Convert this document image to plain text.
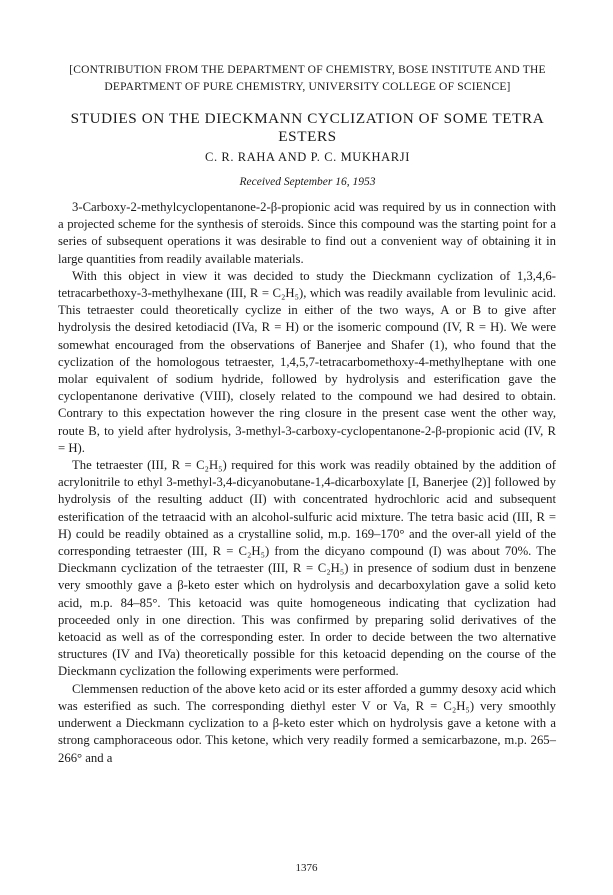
[CONTRIBUTION FROM THE DEPARTMENT OF CHEMISTRY, BOSE INSTITUTE AND THE
DEPARTMENT OF PURE CHEMISTRY, UNIVERSITY COLLEGE OF SCIENCE]
STUDIES ON THE DIECKMANN CYCLIZATION OF SOME TETRA
ESTERS
C. R. RAHA AND P. C. MUKHARJI
Received September 16, 1953

3-Carboxy-2-methylcyclopentanone-2-β-propionic acid was required by us in connection with a projected scheme for the synthesis of steroids. Since this compound was the starting point for a series of subsequent operations it was desirable to find out a convenient way of obtaining it in large quantities from readily available materials.

With this object in view it was decided to study the Dieckmann cyclization of 1,3,4,6-tetracarbethoxy-3-methylhexane (III, R = C₂H₅), which was readily available from levulinic acid. This tetraester could theoretically cyclize in either of the two ways, A or B to give after hydrolysis the desired ketodiacid (IVa, R = H) or the isomeric compound (IV, R = H). We were somewhat encouraged from the observations of Banerjee and Shafer (1), who found that the cyclization of the homologous tetraester, 1,4,5,7-tetracarbomethoxy-4-methylheptane with one molar equivalent of sodium hydride, followed by hydrolysis and esterification gave the cyclopentanone derivative (VIII), closely related to the compound we had desired to obtain. Contrary to this expectation however the ring closure in the present case went the other way, route B, to yield after hydrolysis, 3-methyl-3-carboxy-cyclopentanone-2-β-propionic acid (IV, R = H).

The tetraester (III, R = C₂H₅) required for this work was readily obtained by the addition of acrylonitrile to ethyl 3-methyl-3,4-dicyanobutane-1,4-dicarboxylate [I, Banerjee (2)] followed by hydrolysis of the resulting adduct (II) with concentrated hydrochloric acid and subsequent esterification of the tetraacid with an alcohol-sulfuric acid mixture. The tetra basic acid (III, R = H) could be readily obtained as a crystalline solid, m.p. 169–170° and the over-all yield of the corresponding tetraester (III, R = C₂H₅) from the dicyano compound (I) was about 70%. The Dieckmann cyclization of the tetraester (III, R = C₂H₅) in presence of sodium dust in benzene very smoothly gave a β-keto ester which on hydrolysis and decarboxylation gave a solid keto acid, m.p. 84–85°. This ketoacid was quite homogeneous indicating that cyclization had proceeded only in one direction. This was confirmed by preparing solid derivatives of the ketoacid as well as of the corresponding ester. In order to decide between the two alternative structures (IV and IVa) theoretically possible for this ketoacid depending on the course of the Dieckmann cyclization the following experiments were performed.

Clemmensen reduction of the above keto acid or its ester afforded a gummy desoxy acid which was esterified as such. The corresponding diethyl ester V or Va, R = C₂H₅) very smoothly underwent a Dieckmann cyclization to a β-keto ester which on hydrolysis gave a ketone with a strong camphoraceous odor. This ketone, which very readily formed a semicarbazone, m.p. 265–266° and a

1376
